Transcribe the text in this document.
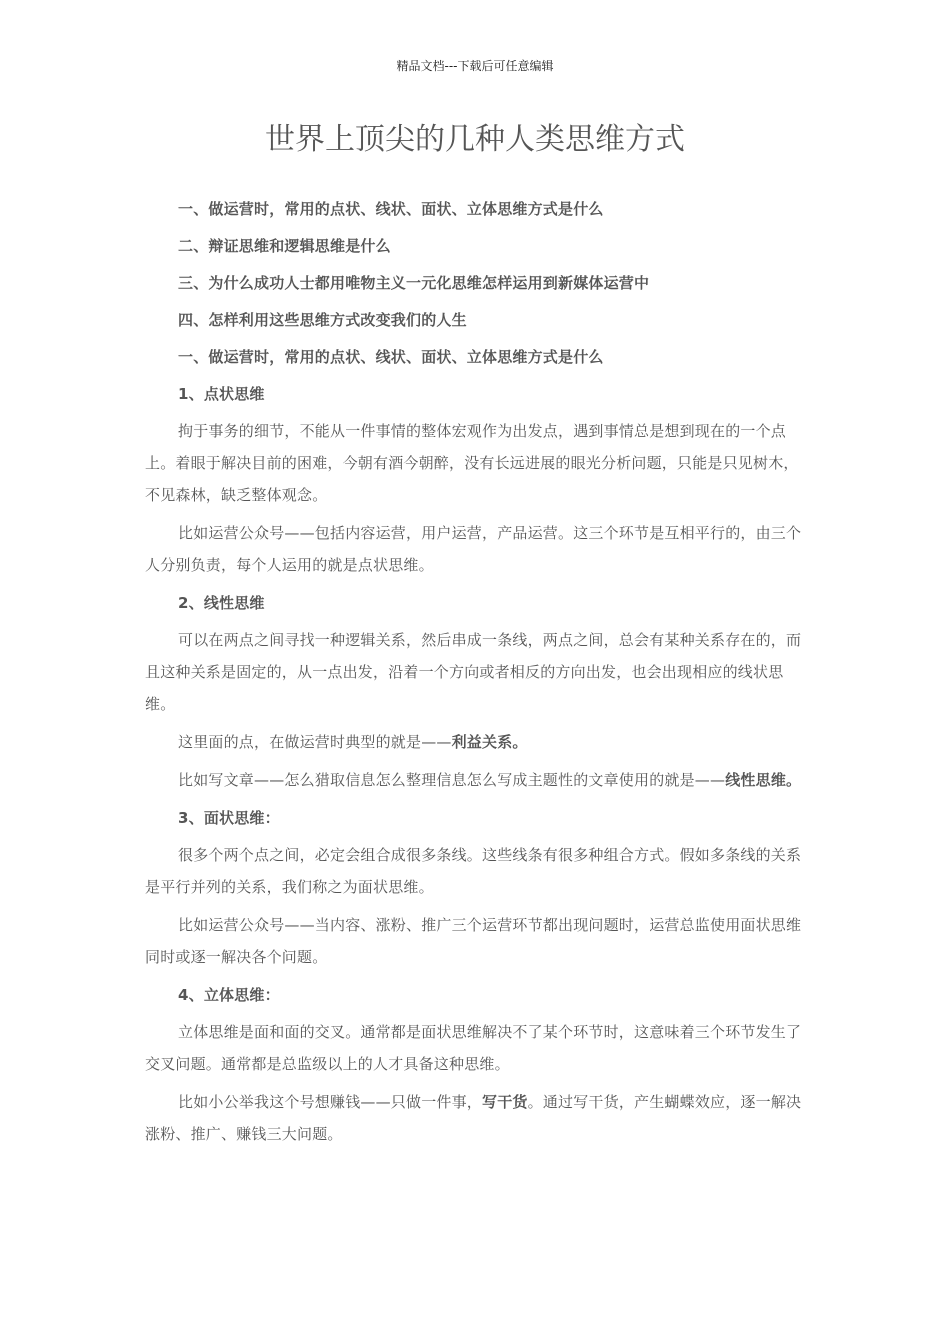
精品文档---下载后可任意编辑
世界上顶尖的几种人类思维方式

一、做运营时，常用的点状、线状、面状、立体思维方式是什么

二、辩证思维和逻辑思维是什么

三、为什么成功人士都用唯物主义一元化思维怎样运用到新媒体运营中

四、怎样利用这些思维方式改变我们的人生

一、做运营时，常用的点状、线状、面状、立体思维方式是什么

1、点状思维

拘于事务的细节，不能从一件事情的整体宏观作为出发点，遇到事情总是想到现在的一个点上。着眼于解决目前的困难，今朝有酒今朝醉，没有长远进展的眼光分析问题，只能是只见树木，不见森林，缺乏整体观念。

比如运营公众号——包括内容运营，用户运营，产品运营。这三个环节是互相平行的，由三个人分别负责，每个人运用的就是点状思维。

2、线性思维

可以在两点之间寻找一种逻辑关系，然后串成一条线，两点之间，总会有某种关系存在的，而且这种关系是固定的，从一点出发，沿着一个方向或者相反的方向出发，也会出现相应的线状思维。

这里面的点，在做运营时典型的就是——利益关系。

比如写文章——怎么猎取信息怎么整理信息怎么写成主题性的文章使用的就是——线性思维。

3、面状思维：

很多个两个点之间，必定会组合成很多条线。这些线条有很多种组合方式。假如多条线的关系是平行并列的关系，我们称之为面状思维。

比如运营公众号——当内容、涨粉、推广三个运营环节都出现问题时，运营总监使用面状思维同时或逐一解决各个问题。

4、立体思维：

立体思维是面和面的交叉。通常都是面状思维解决不了某个环节时，这意味着三个环节发生了交叉问题。通常都是总监级以上的人才具备这种思维。

比如小公举我这个号想赚钱——只做一件事，写干货。通过写干货，产生蝴蝶效应，逐一解决涨粉、推广、赚钱三大问题。
